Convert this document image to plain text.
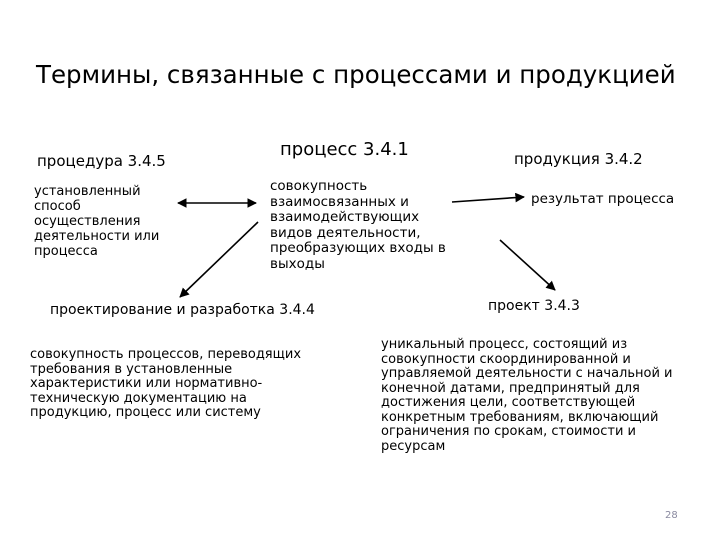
Термины, связанные с процессами и продукцией
процедура 3.4.5
установленный
способ
осуществления
деятельности или
процесса
процесс 3.4.1
совокупность
взаимосвязанных и
взаимодействующих
видов деятельности,
преобразующих входы в
выходы
продукция 3.4.2
результат процесса
проектирование и разработка 3.4.4
совокупность процессов, переводящих
требования в установленные
характеристики или нормативно-
техническую документацию на
продукцию, процесс или систему
проект 3.4.3
уникальный процесс, состоящий из
совокупности скоординированной и
управляемой деятельности с начальной и
конечной датами, предпринятый для
достижения цели, соответствующей
конкретным требованиям, включающий
ограничения по срокам, стоимости и
ресурсам
28
